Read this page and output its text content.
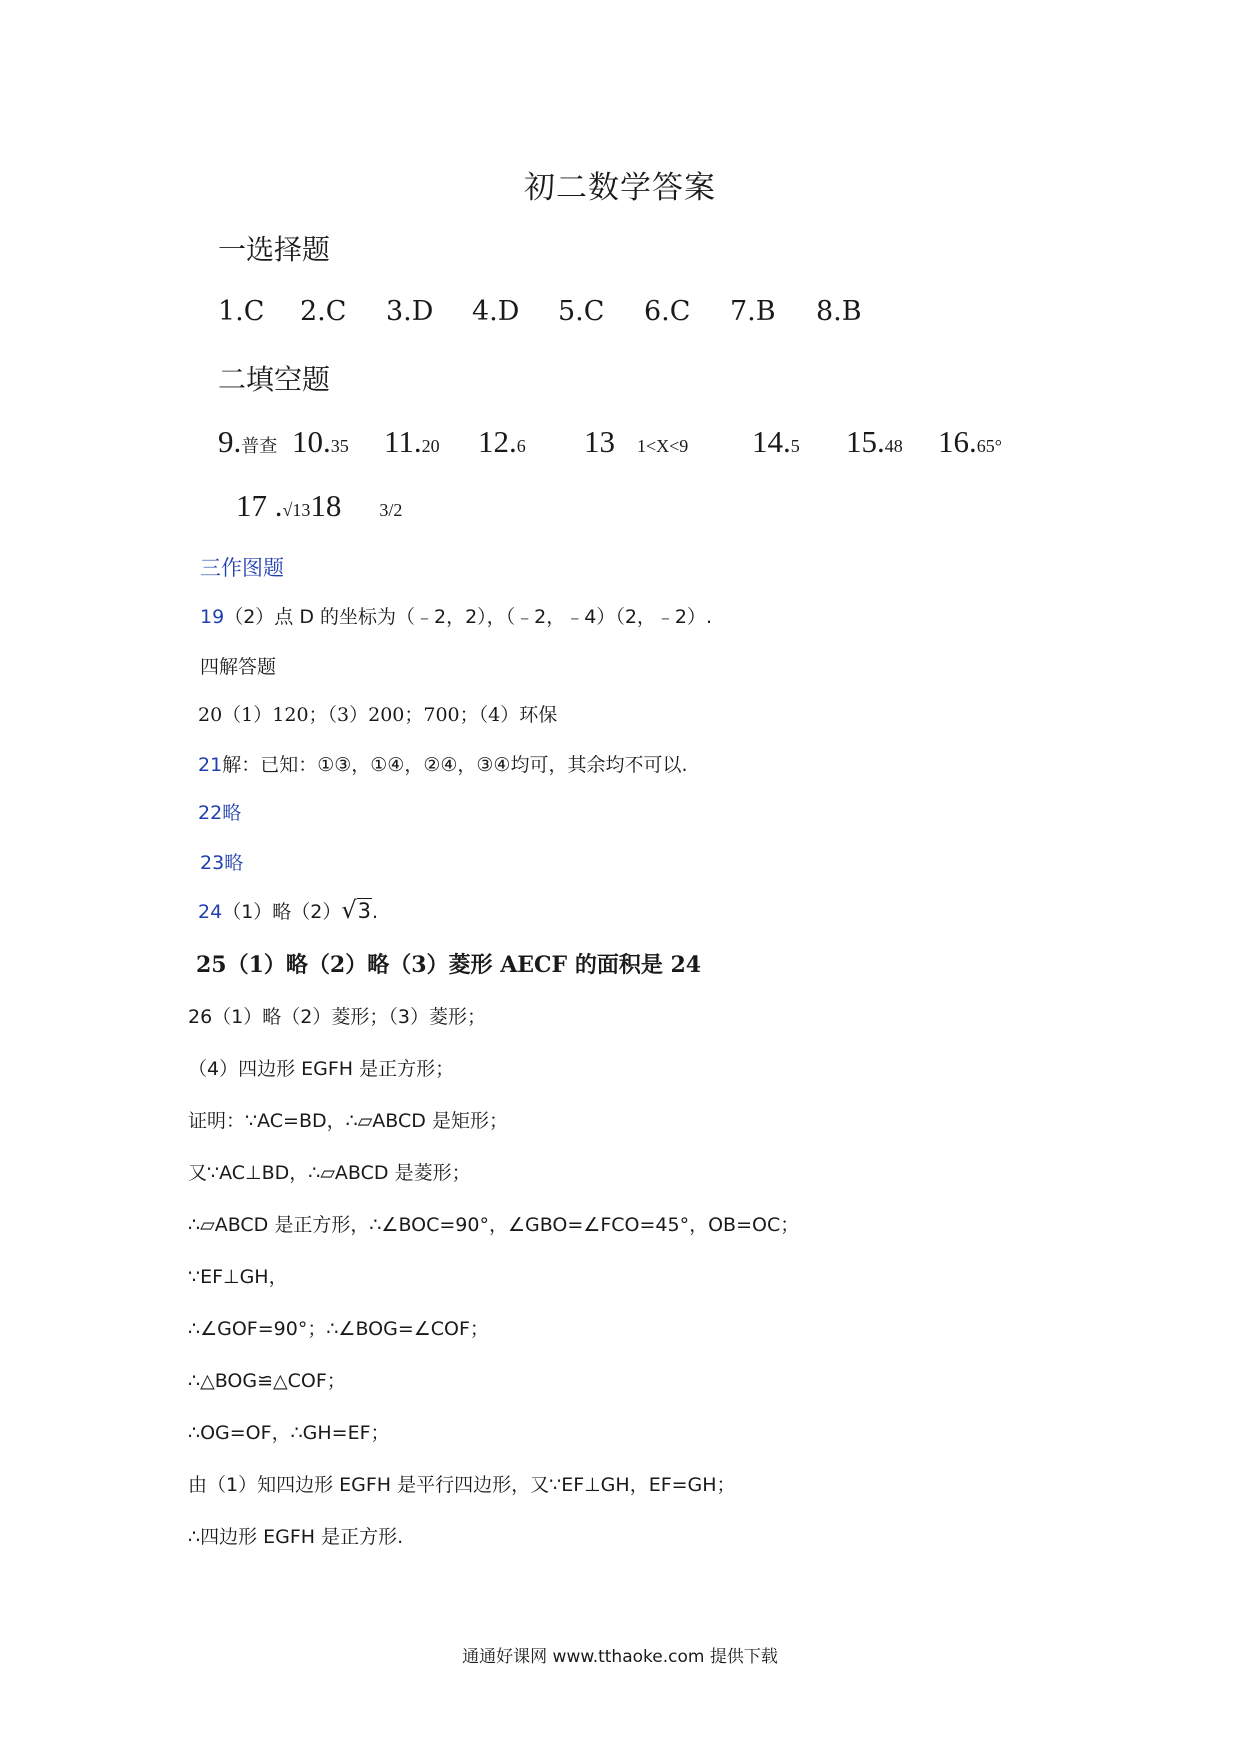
初二数学答案
一选择题
1.C 2.C 3.D 4.D 5.C 6.C 7.B 8.B
二填空题
9.普查 10.35 11.20 12.6 13 1<X<9 14.5 15.48 16.65°
17 .√1318 3/2
三作图题
19（2）点 D 的坐标为（﹣2，2），（﹣2，﹣4）（2，﹣2）.
四解答题
20（1）120；（3）200；700；（4）环保
21解：已知：①③，①④，②④，③④均可，其余均不可以.
22略
23略
24（1）略（2）√3.
25（1）略（2）略（3）菱形 AECF 的面积是 24
26（1）略（2）菱形；（3）菱形；
（4）四边形 EGFH 是正方形；
证明：∵AC=BD，∴▱ABCD 是矩形；
又∵AC⊥BD，∴▱ABCD 是菱形；
∴▱ABCD 是正方形，∴∠BOC=90°，∠GBO=∠FCO=45°，OB=OC；
∵EF⊥GH，
∴∠GOF=90°；∴∠BOG=∠COF；
∴△BOG≌△COF；
∴OG=OF，∴GH=EF；
由（1）知四边形 EGFH 是平行四边形，又∵EF⊥GH，EF=GH；
∴四边形 EGFH 是正方形.
通通好课网 www.tthaoke.com 提供下载
